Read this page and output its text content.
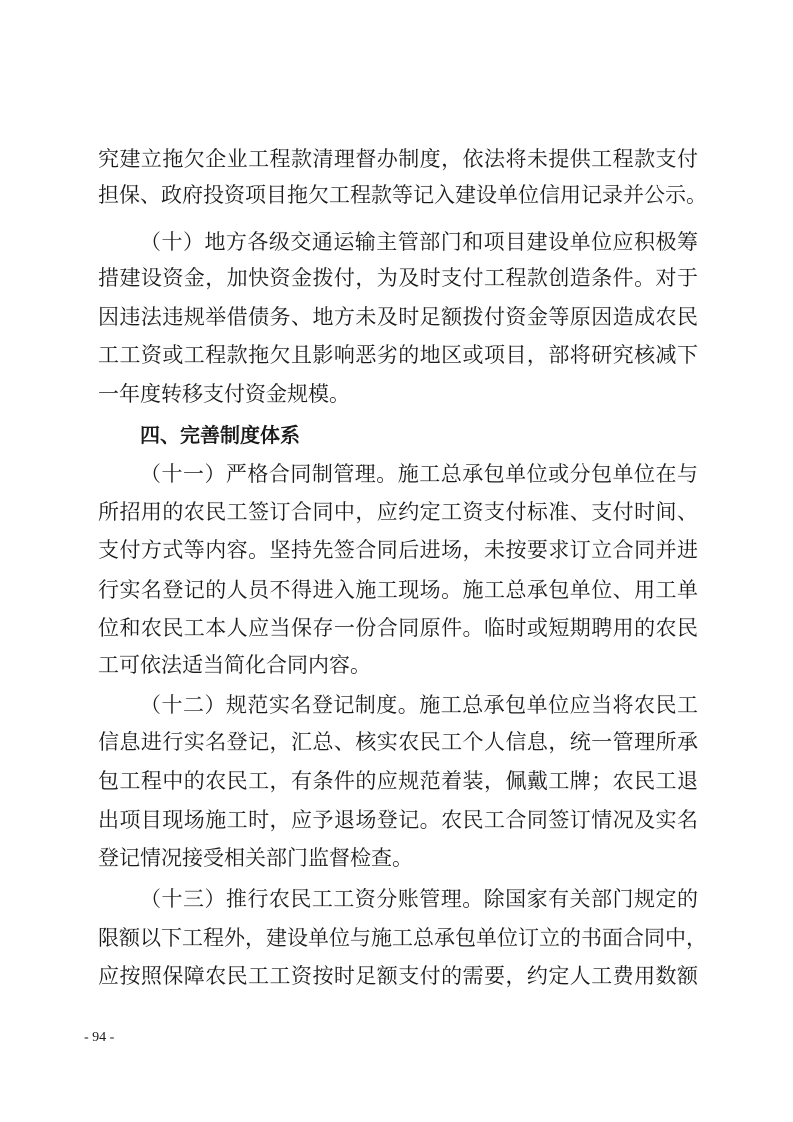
究建立拖欠企业工程款清理督办制度，依法将未提供工程款支付
担保、政府投资项目拖欠工程款等记入建设单位信用记录并公示。
（十）地方各级交通运输主管部门和项目建设单位应积极筹
措建设资金，加快资金拨付，为及时支付工程款创造条件。对于
因违法违规举借债务、地方未及时足额拨付资金等原因造成农民
工工资或工程款拖欠且影响恶劣的地区或项目，部将研究核减下
一年度转移支付资金规模。
四、完善制度体系
（十一）严格合同制管理。施工总承包单位或分包单位在与
所招用的农民工签订合同中，应约定工资支付标准、支付时间、
支付方式等内容。坚持先签合同后进场，未按要求订立合同并进
行实名登记的人员不得进入施工现场。施工总承包单位、用工单
位和农民工本人应当保存一份合同原件。临时或短期聘用的农民
工可依法适当简化合同内容。
（十二）规范实名登记制度。施工总承包单位应当将农民工
信息进行实名登记，汇总、核实农民工个人信息，统一管理所承
包工程中的农民工，有条件的应规范着装，佩戴工牌；农民工退
出项目现场施工时，应予退场登记。农民工合同签订情况及实名
登记情况接受相关部门监督检查。
（十三）推行农民工工资分账管理。除国家有关部门规定的
限额以下工程外，建设单位与施工总承包单位订立的书面合同中，
应按照保障农民工工资按时足额支付的需要，约定人工费用数额
- 94 -
